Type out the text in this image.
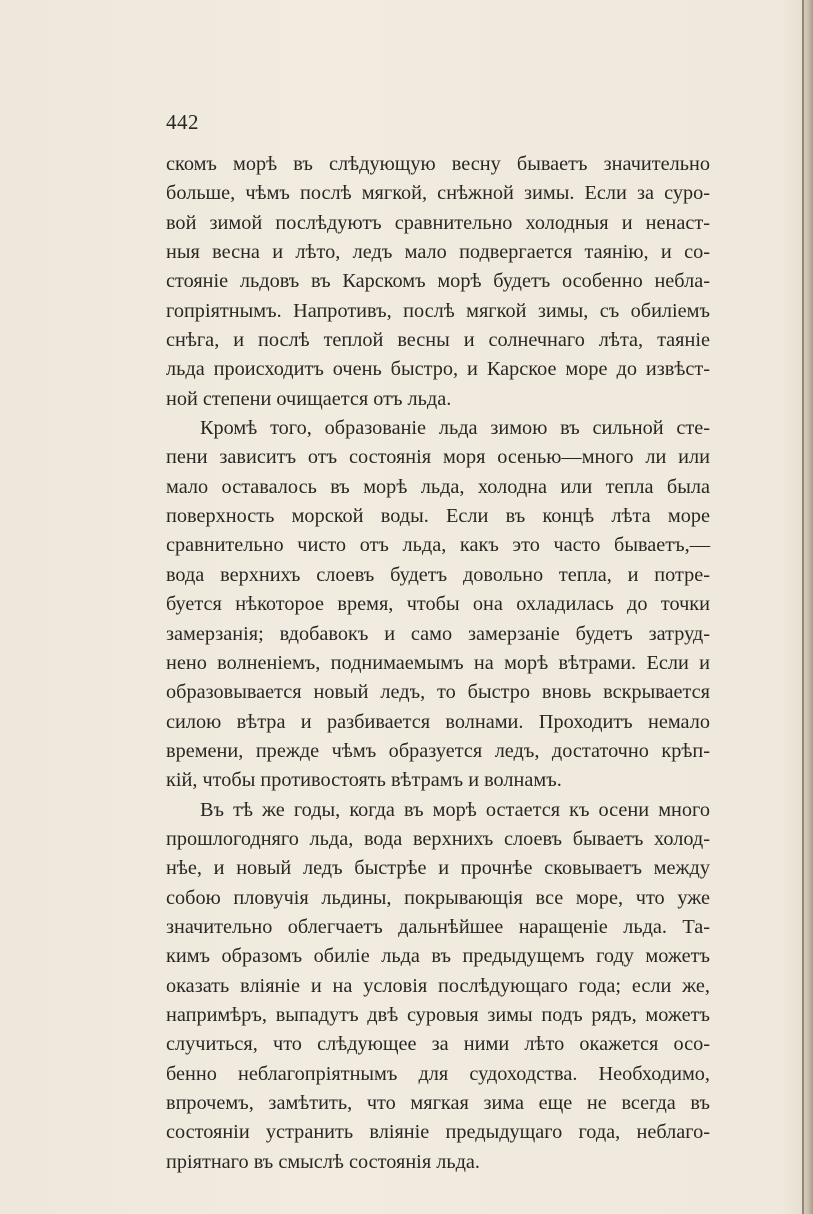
442
скомъ морѣ въ слѣдующую весну бываетъ значительно
больше, чѣмъ послѣ мягкой, снѣжной зимы. Если за суро-
вой зимой послѣдуютъ сравнительно холодныя и ненаст-
ныя весна и лѣто, ледъ мало подвергается таянію, и со-
стояніе льдовъ въ Карскомъ морѣ будетъ особенно неблa-
гопріятнымъ. Напротивъ, послѣ мягкой зимы, съ обиліемъ
снѣга, и послѣ теплой весны и солнечнаго лѣта, таяніе
льда происходитъ очень быстро, и Карское море до извѣст-
ной степени очищается отъ льда.
Кромѣ того, образованіе льда зимою въ сильной сте-
пени зависитъ отъ состоянія моря осенью—много ли или
мало оставалось въ морѣ льда, холодна или тепла была
поверхность морской воды. Если въ концѣ лѣта море
сравнительно чисто отъ льда, какъ это часто бываетъ,—
вода верхнихъ слоевъ будетъ довольно тепла, и потре-
буется нѣкоторое время, чтобы она охладилась до точки
замерзанія; вдобавокъ и само замерзаніе будетъ затруд-
нено волненіемъ, поднимаемымъ на морѣ вѣтрами. Если и
образовывается новый ледъ, то быстро вновь вскрывается
силою вѣтра и разбивается волнами. Проходитъ немало
времени, прежде чѣмъ образуется ледъ, достаточно крѣп-
кій, чтобы противостоять вѣтрамъ и волнамъ.
Въ тѣ же годы, когда въ морѣ остается къ осени много
прошлогодняго льда, вода верхнихъ слоевъ бываетъ холод-
нѣе, и новый ледъ быстрѣе и прочнѣе сковываетъ между
собою пловучія льдины, покрывающія все море, что уже
значительно облегчаетъ дальнѣйшее наращеніе льда. Та-
кимъ образомъ обиліе льда въ предыдущемъ году можетъ
оказать вліяніе и на условія послѣдующаго года; если же,
напримѣръ, выпадутъ двѣ суровыя зимы подъ рядъ, можетъ
случиться, что слѣдующее за ними лѣто окажется осо-
бенно неблагопріятнымъ для судоходства. Необходимо,
впрочемъ, замѣтить, что мягкая зима еще не всегда въ
состояніи устранить вліяніе предыдущаго года, неблаго-
пріятнаго въ смыслѣ состоянія льда.
